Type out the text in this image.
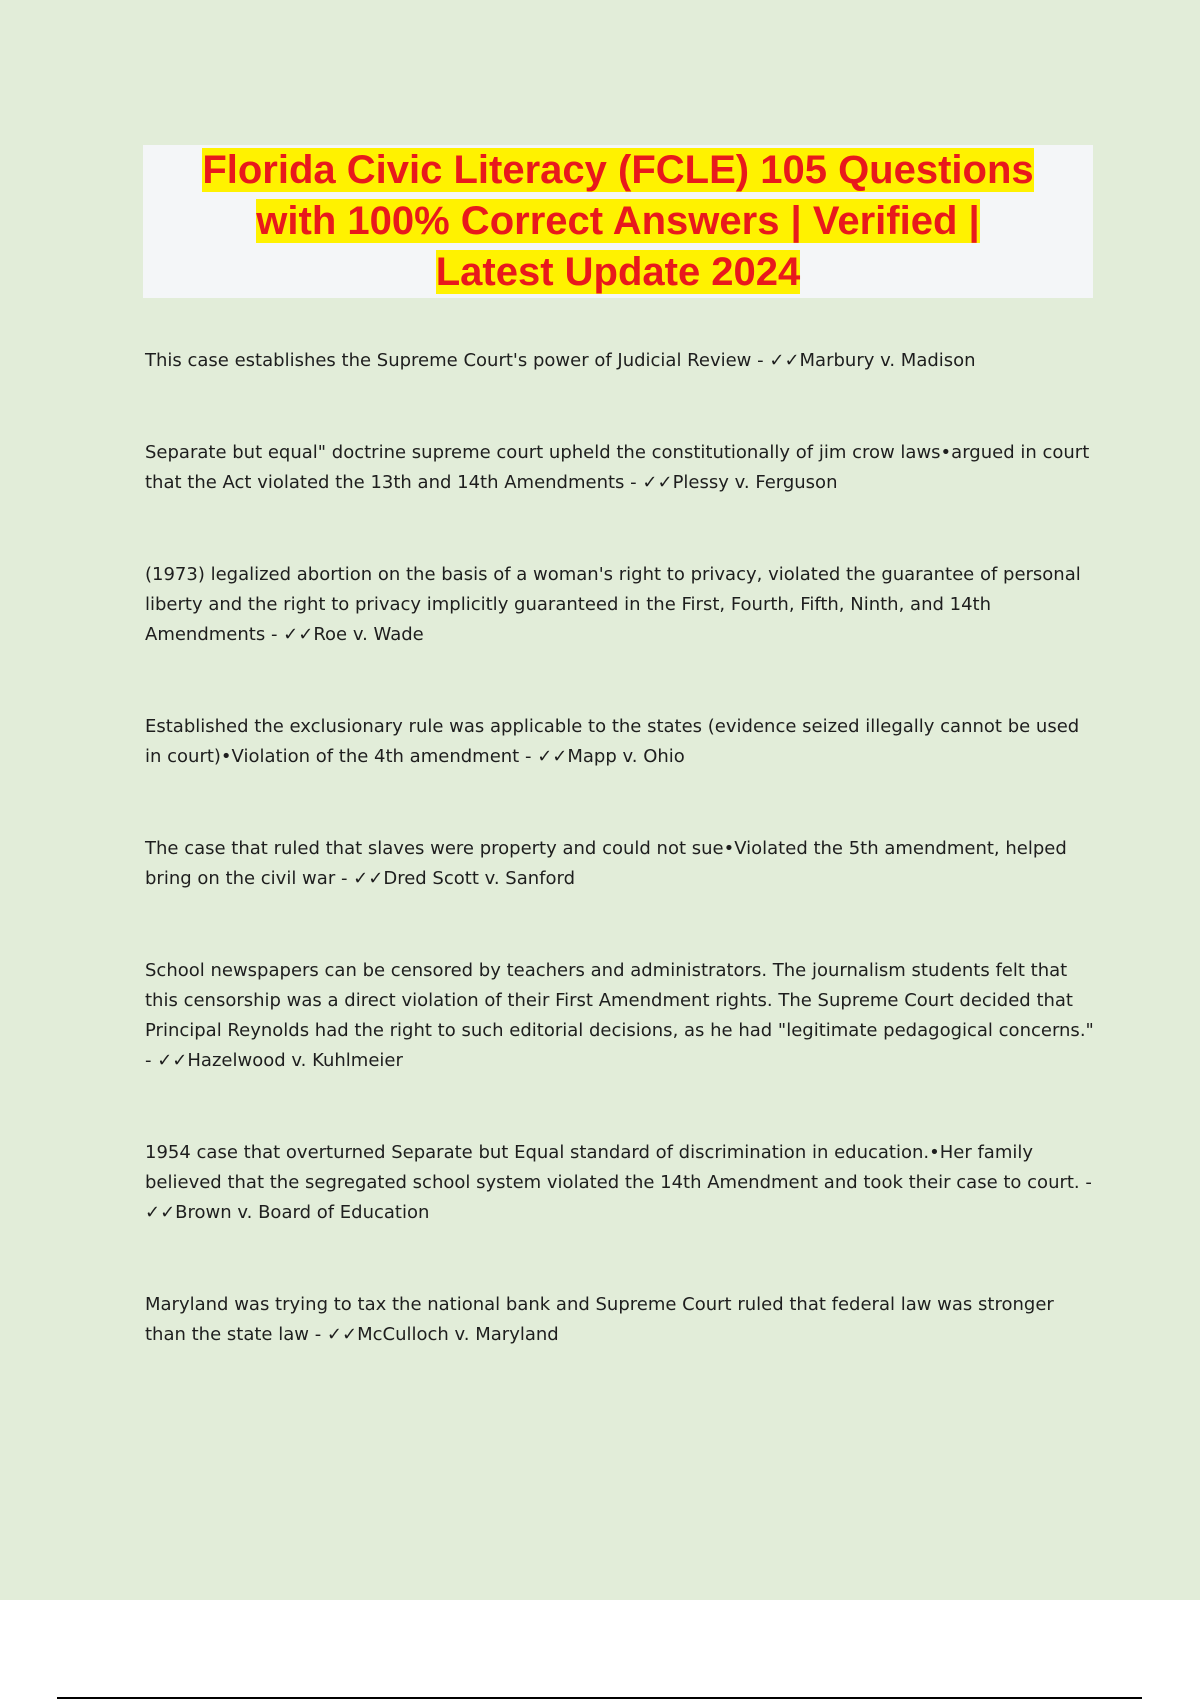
Florida Civic Literacy (FCLE) 105 Questions
with 100% Correct Answers | Verified |
Latest Update 2024

This case establishes the Supreme Court's power of Judicial Review - ✓✓Marbury v. Madison

Separate but equal" doctrine supreme court upheld the constitutionally of jim crow laws•argued in court that the Act violated the 13th and 14th Amendments - ✓✓Plessy v. Ferguson

(1973) legalized abortion on the basis of a woman's right to privacy, violated the guarantee of personal liberty and the right to privacy implicitly guaranteed in the First, Fourth, Fifth, Ninth, and 14th Amendments - ✓✓Roe v. Wade

Established the exclusionary rule was applicable to the states (evidence seized illegally cannot be used in court)•Violation of the 4th amendment - ✓✓Mapp v. Ohio

The case that ruled that slaves were property and could not sue•Violated the 5th amendment, helped bring on the civil war - ✓✓Dred Scott v. Sanford

School newspapers can be censored by teachers and administrators. The journalism students felt that this censorship was a direct violation of their First Amendment rights. The Supreme Court decided that Principal Reynolds had the right to such editorial decisions, as he had "legitimate pedagogical concerns." - ✓✓Hazelwood v. Kuhlmeier

1954 case that overturned Separate but Equal standard of discrimination in education.•Her family believed that the segregated school system violated the 14th Amendment and took their case to court. - ✓✓Brown v. Board of Education

Maryland was trying to tax the national bank and Supreme Court ruled that federal law was stronger than the state law - ✓✓McCulloch v. Maryland
